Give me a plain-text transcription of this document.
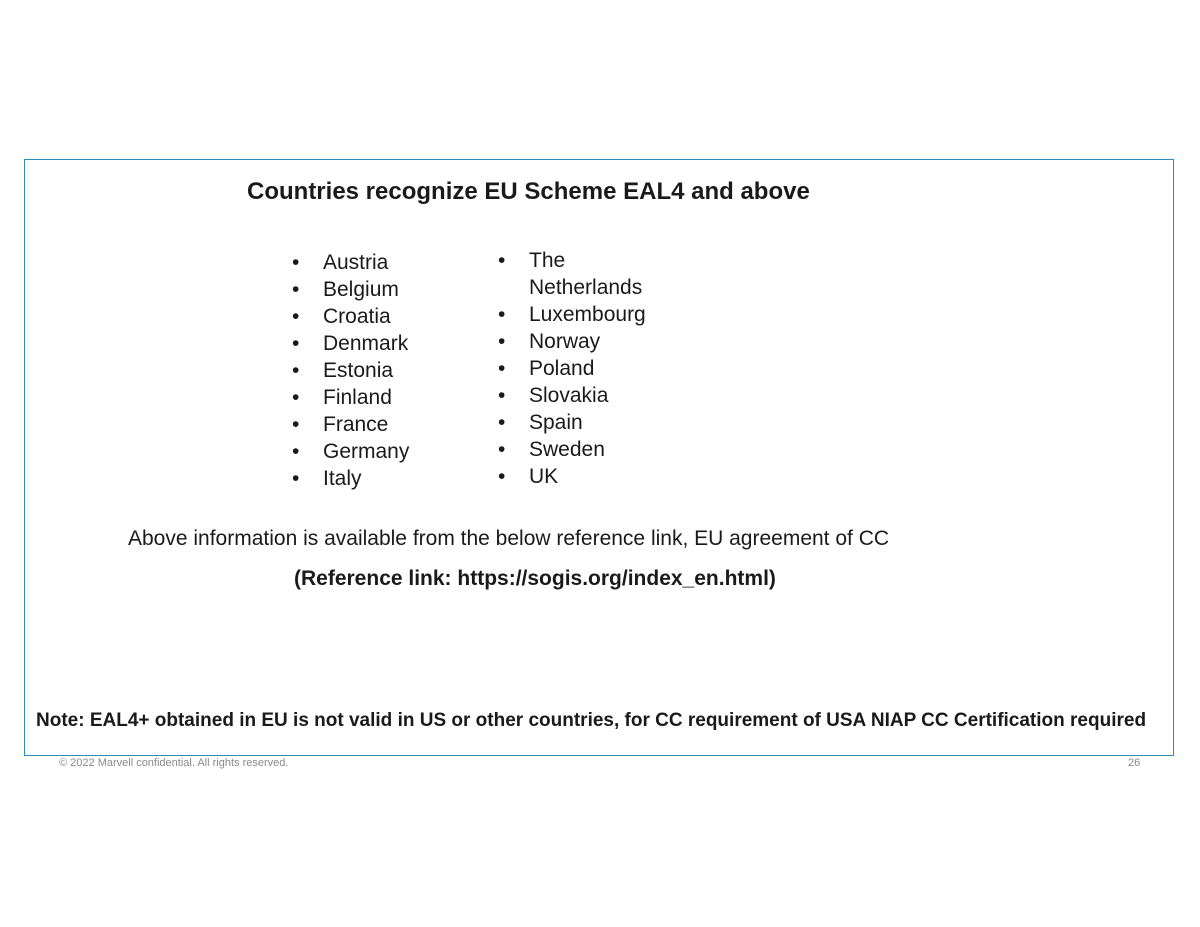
Countries recognize EU Scheme EAL4 and above
• Austria
• Belgium
• Croatia
• Denmark
• Estonia
• Finland
• France
• Germany
• Italy
• The Netherlands
• Luxembourg
• Norway
• Poland
• Slovakia
• Spain
• Sweden
• UK

Above information is available from the below reference link, EU agreement of CC

(Reference link: https://sogis.org/index_en.html)

Note: EAL4+ obtained in EU is not valid in US or other countries, for CC requirement of USA NIAP CC Certification required

© 2022 Marvell confidential. All rights reserved.	26
